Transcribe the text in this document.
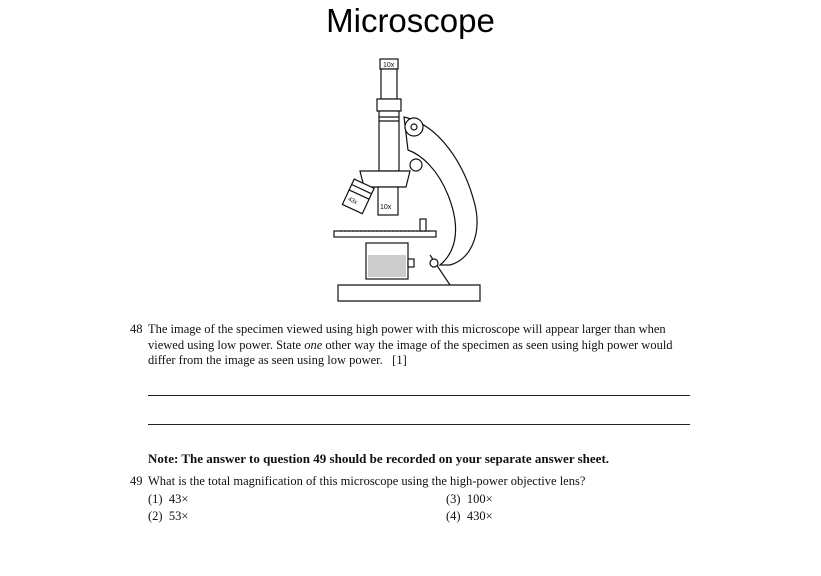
Microscope
10x
43x
10x
48 The image of the specimen viewed using high power with this microscope will appear larger than when
viewed using low power. State one other way the image of the specimen as seen using high power would
differ from the image as seen using low power. [1]
Note: The answer to question 49 should be recorded on your separate answer sheet.
49 What is the total magnification of this microscope using the high-power objective lens?
(1) 43×
(2) 53×
(3) 100×
(4) 430×
